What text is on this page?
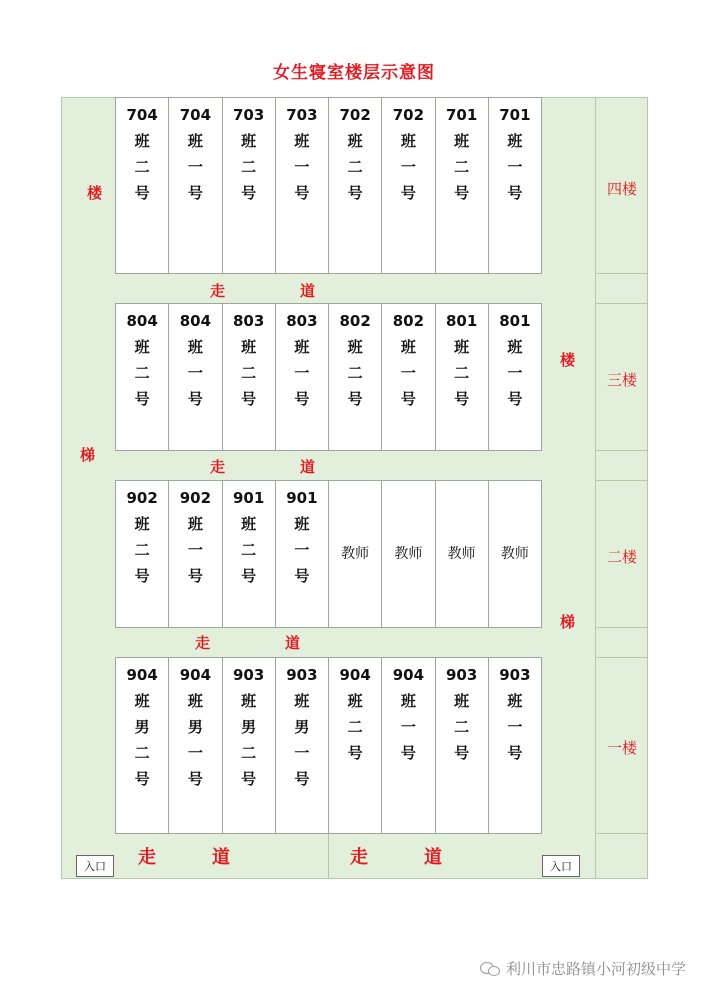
女生寝室楼层示意图
四楼
三楼
二楼
一楼
楼
梯
楼
梯
704
班
二
号
704
班
一
号
703
班
二
号
703
班
一
号
702
班
二
号
702
班
一
号
701
班
二
号
701
班
一
号
走	道
804
班
二
号
804
班
一
号
803
班
二
号
803
班
一
号
802
班
二
号
802
班
一
号
801
班
二
号
801
班
一
号
走	道
902
班
二
号
902
班
一
号
901
班
二
号
901
班
一
号
教师 教师 教师 教师
走	道
904
班
男
二
号
904
班
男
一
号
903
班
男
二
号
903
班
男
一
号
904
班
二
号
904
班
一
号
903
班
二
号
903
班
一
号
走	道	走	道
入口	入口
利川市忠路镇小河初级中学
